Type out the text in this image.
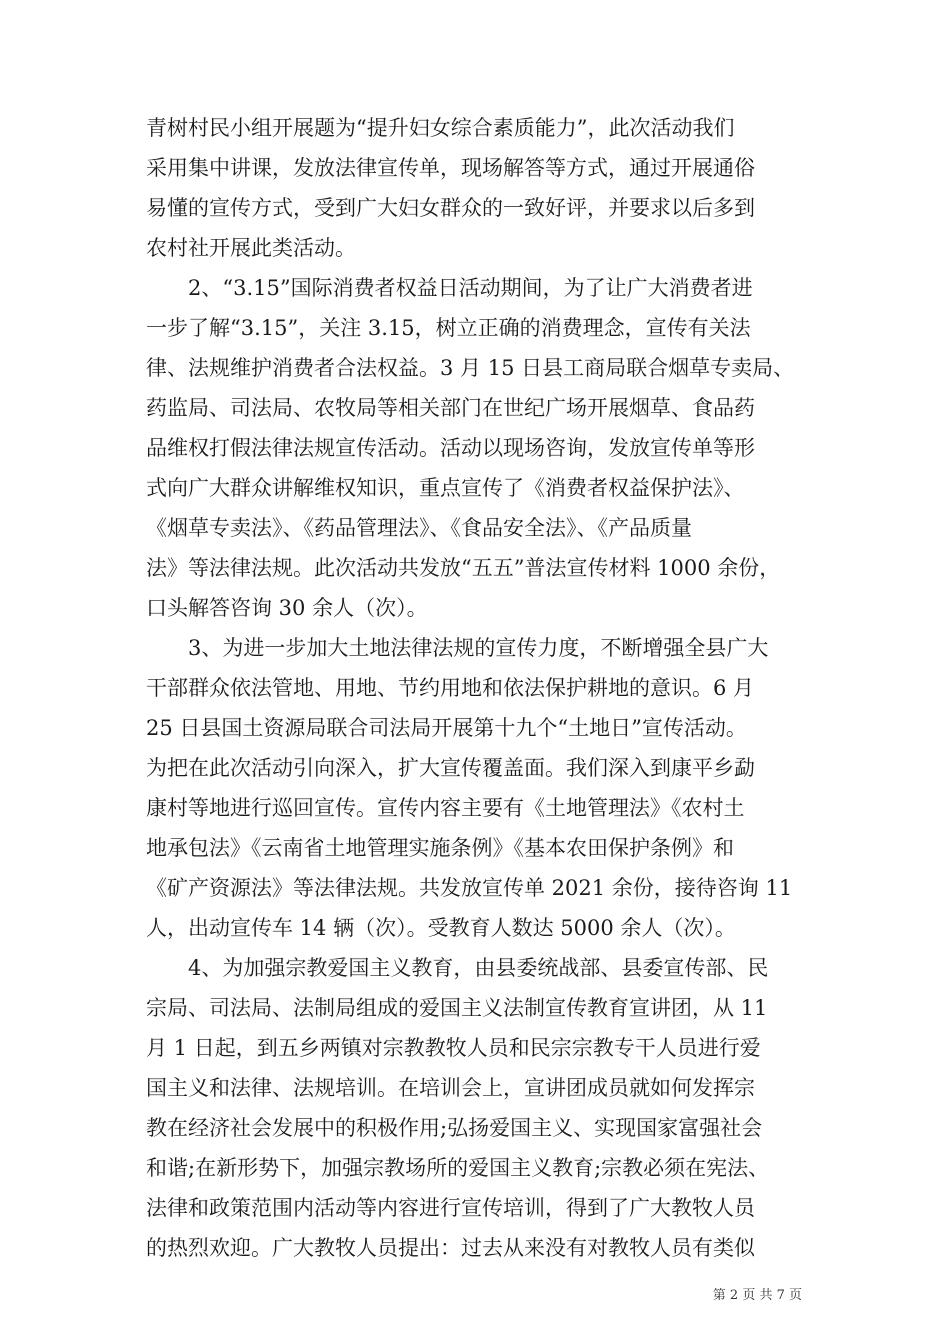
青树村民小组开展题为“提升妇女综合素质能力”，此次活动我们
采用集中讲课，发放法律宣传单，现场解答等方式，通过开展通俗
易懂的宣传方式，受到广大妇女群众的一致好评，并要求以后多到
农村社开展此类活动。
2、“3.15”国际消费者权益日活动期间，为了让广大消费者进
一步了解“3.15”，关注 3.15，树立正确的消费理念，宣传有关法
律、法规维护消费者合法权益。3 月 15 日县工商局联合烟草专卖局、
药监局、司法局、农牧局等相关部门在世纪广场开展烟草、食品药
品维权打假法律法规宣传活动。活动以现场咨询，发放宣传单等形
式向广大群众讲解维权知识，重点宣传了《消费者权益保护法》、
《烟草专卖法》、《药品管理法》、《食品安全法》、《产品质量
法》等法律法规。此次活动共发放“五五”普法宣传材料 1000 余份，
口头解答咨询 30 余人（次）。
3、为进一步加大土地法律法规的宣传力度，不断增强全县广大
干部群众依法管地、用地、节约用地和依法保护耕地的意识。6 月
25 日县国土资源局联合司法局开展第十九个“土地日”宣传活动。
为把在此次活动引向深入，扩大宣传覆盖面。我们深入到康平乡勐
康村等地进行巡回宣传。宣传内容主要有《土地管理法》《农村土
地承包法》《云南省土地管理实施条例》《基本农田保护条例》和
《矿产资源法》等法律法规。共发放宣传单 2021 余份，接待咨询 11
人，出动宣传车 14 辆（次）。受教育人数达 5000 余人（次）。
4、为加强宗教爱国主义教育，由县委统战部、县委宣传部、民
宗局、司法局、法制局组成的爱国主义法制宣传教育宣讲团，从 11
月 1 日起，到五乡两镇对宗教教牧人员和民宗宗教专干人员进行爱
国主义和法律、法规培训。在培训会上，宣讲团成员就如何发挥宗
教在经济社会发展中的积极作用;弘扬爱国主义、实现国家富强社会
和谐;在新形势下，加强宗教场所的爱国主义教育;宗教必须在宪法、
法律和政策范围内活动等内容进行宣传培训，得到了广大教牧人员
的热烈欢迎。广大教牧人员提出：过去从来没有对教牧人员有类似
第 2 页 共 7 页
